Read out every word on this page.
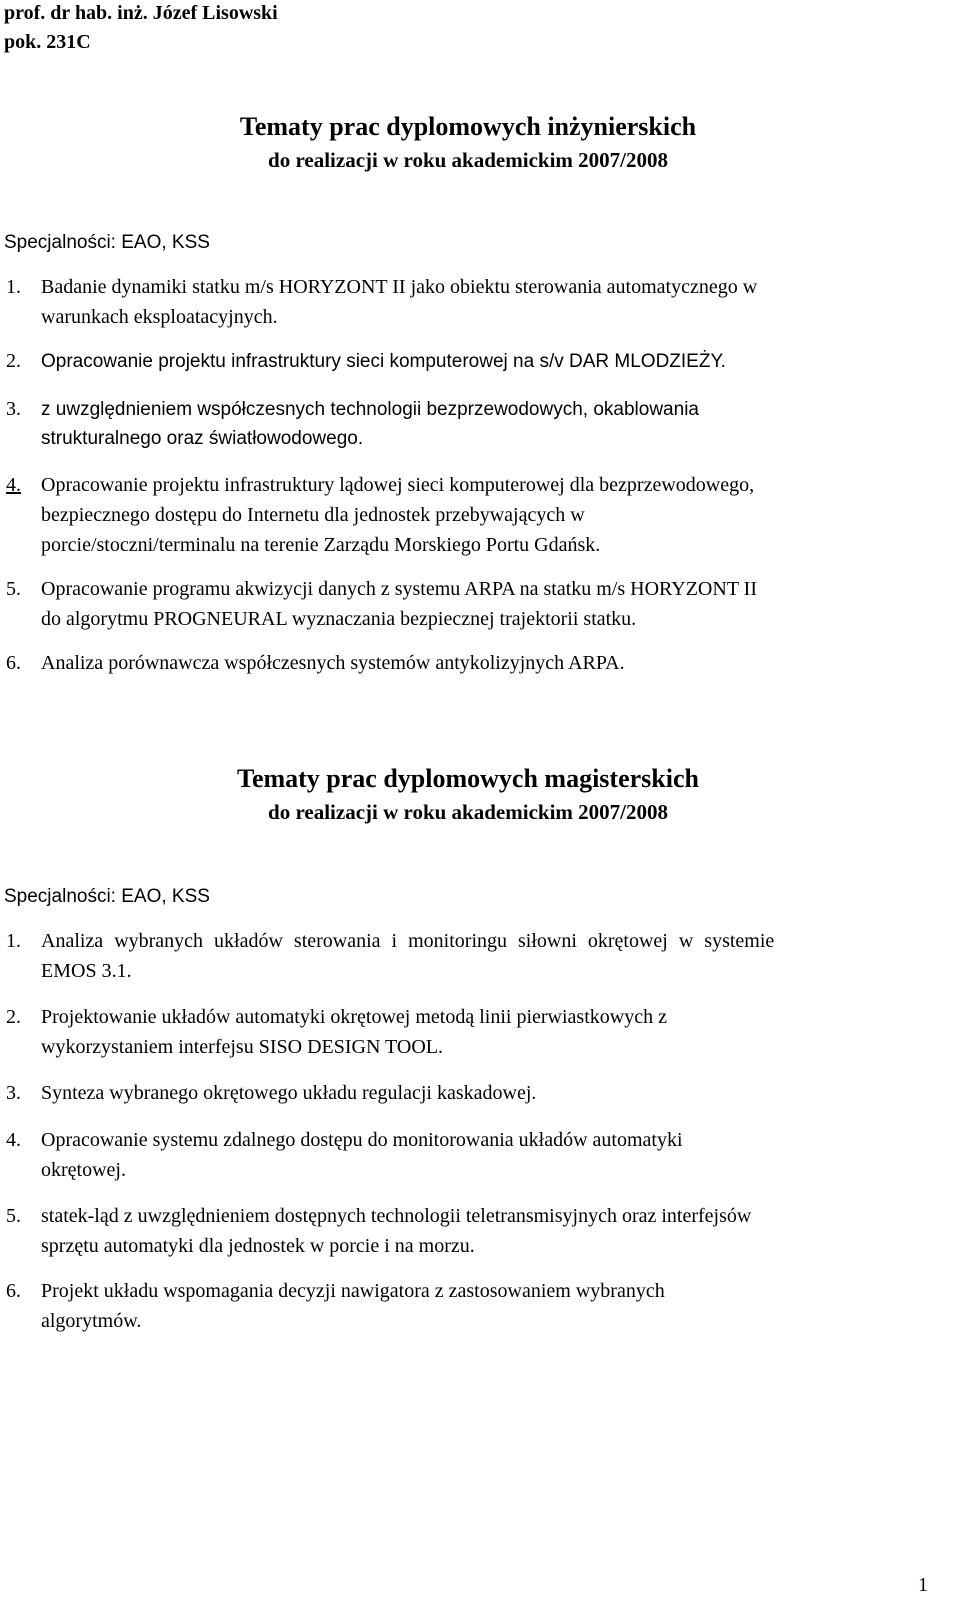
prof. dr hab. inż. Józef Lisowski

pok. 231C

Tematy prac dyplomowych inżynierskich

do realizacji w roku akademickim 2007/2008

Specjalności: EAO, KSS

1. Badanie dynamiki statku m/s HORYZONT II jako obiektu sterowania automatycznego w
warunkach eksploatacyjnych.
2. Opracowanie projektu infrastruktury sieci komputerowej na s/v DAR MLODZIEŻY.
3. z uwzględnieniem współczesnych technologii bezprzewodowych, okablowania
strukturalnego oraz światłowodowego.
4. Opracowanie projektu infrastruktury lądowej sieci komputerowej dla bezprzewodowego,
bezpiecznego dostępu do Internetu dla jednostek przebywających w
porcie/stoczni/terminalu na terenie Zarządu Morskiego Portu Gdańsk.
5. Opracowanie programu akwizycji danych z systemu ARPA na statku m/s HORYZONT II
do algorytmu PROGNEURAL wyznaczania bezpiecznej trajektorii statku.
6. Analiza porównawcza współczesnych systemów antykolizyjnych ARPA.

Tematy prac dyplomowych magisterskich

do realizacji w roku akademickim 2007/2008

Specjalności: EAO, KSS

1. Analiza wybranych układów sterowania i monitoringu siłowni okrętowej w systemie
EMOS 3.1.
2. Projektowanie układów automatyki okrętowej metodą linii pierwiastkowych z
wykorzystaniem interfejsu SISO DESIGN TOOL.
3. Synteza wybranego okrętowego układu regulacji kaskadowej.
4. Opracowanie systemu zdalnego dostępu do monitorowania układów automatyki
okrętowej.
5. statek-ląd z uwzględnieniem dostępnych technologii teletransmisyjnych oraz interfejsów
sprzętu automatyki dla jednostek w porcie i na morzu.
6. Projekt układu wspomagania decyzji nawigatora z zastosowaniem wybranych
algorytmów.

1
